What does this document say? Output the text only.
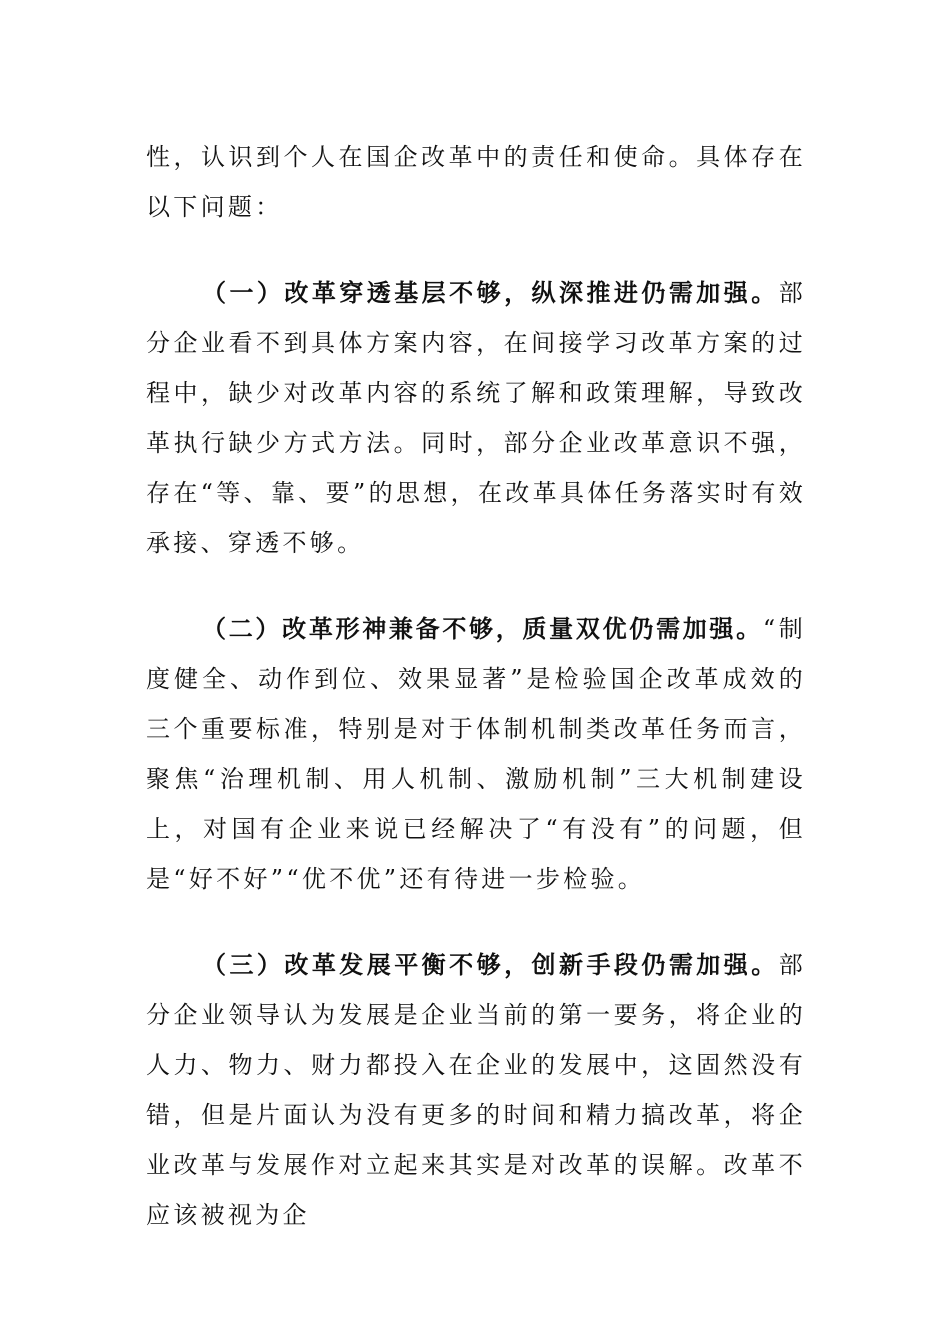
性，认识到个人在国企改革中的责任和使命。具体存在以下问题：

（一）改革穿透基层不够，纵深推进仍需加强。部分企业看不到具体方案内容，在间接学习改革方案的过程中，缺少对改革内容的系统了解和政策理解，导致改革执行缺少方式方法。同时，部分企业改革意识不强，存在“等、靠、要”的思想，在改革具体任务落实时有效承接、穿透不够。

（二）改革形神兼备不够，质量双优仍需加强。“制度健全、动作到位、效果显著”是检验国企改革成效的三个重要标准，特别是对于体制机制类改革任务而言，聚焦“治理机制、用人机制、激励机制”三大机制建设上，对国有企业来说已经解决了“有没有”的问题，但是“好不好”“优不优”还有待进一步检验。

（三）改革发展平衡不够，创新手段仍需加强。部分企业领导认为发展是企业当前的第一要务，将企业的人力、物力、财力都投入在企业的发展中，这固然没有错，但是片面认为没有更多的时间和精力搞改革，将企业改革与发展作对立起来其实是对改革的误解。改革不应该被视为企
